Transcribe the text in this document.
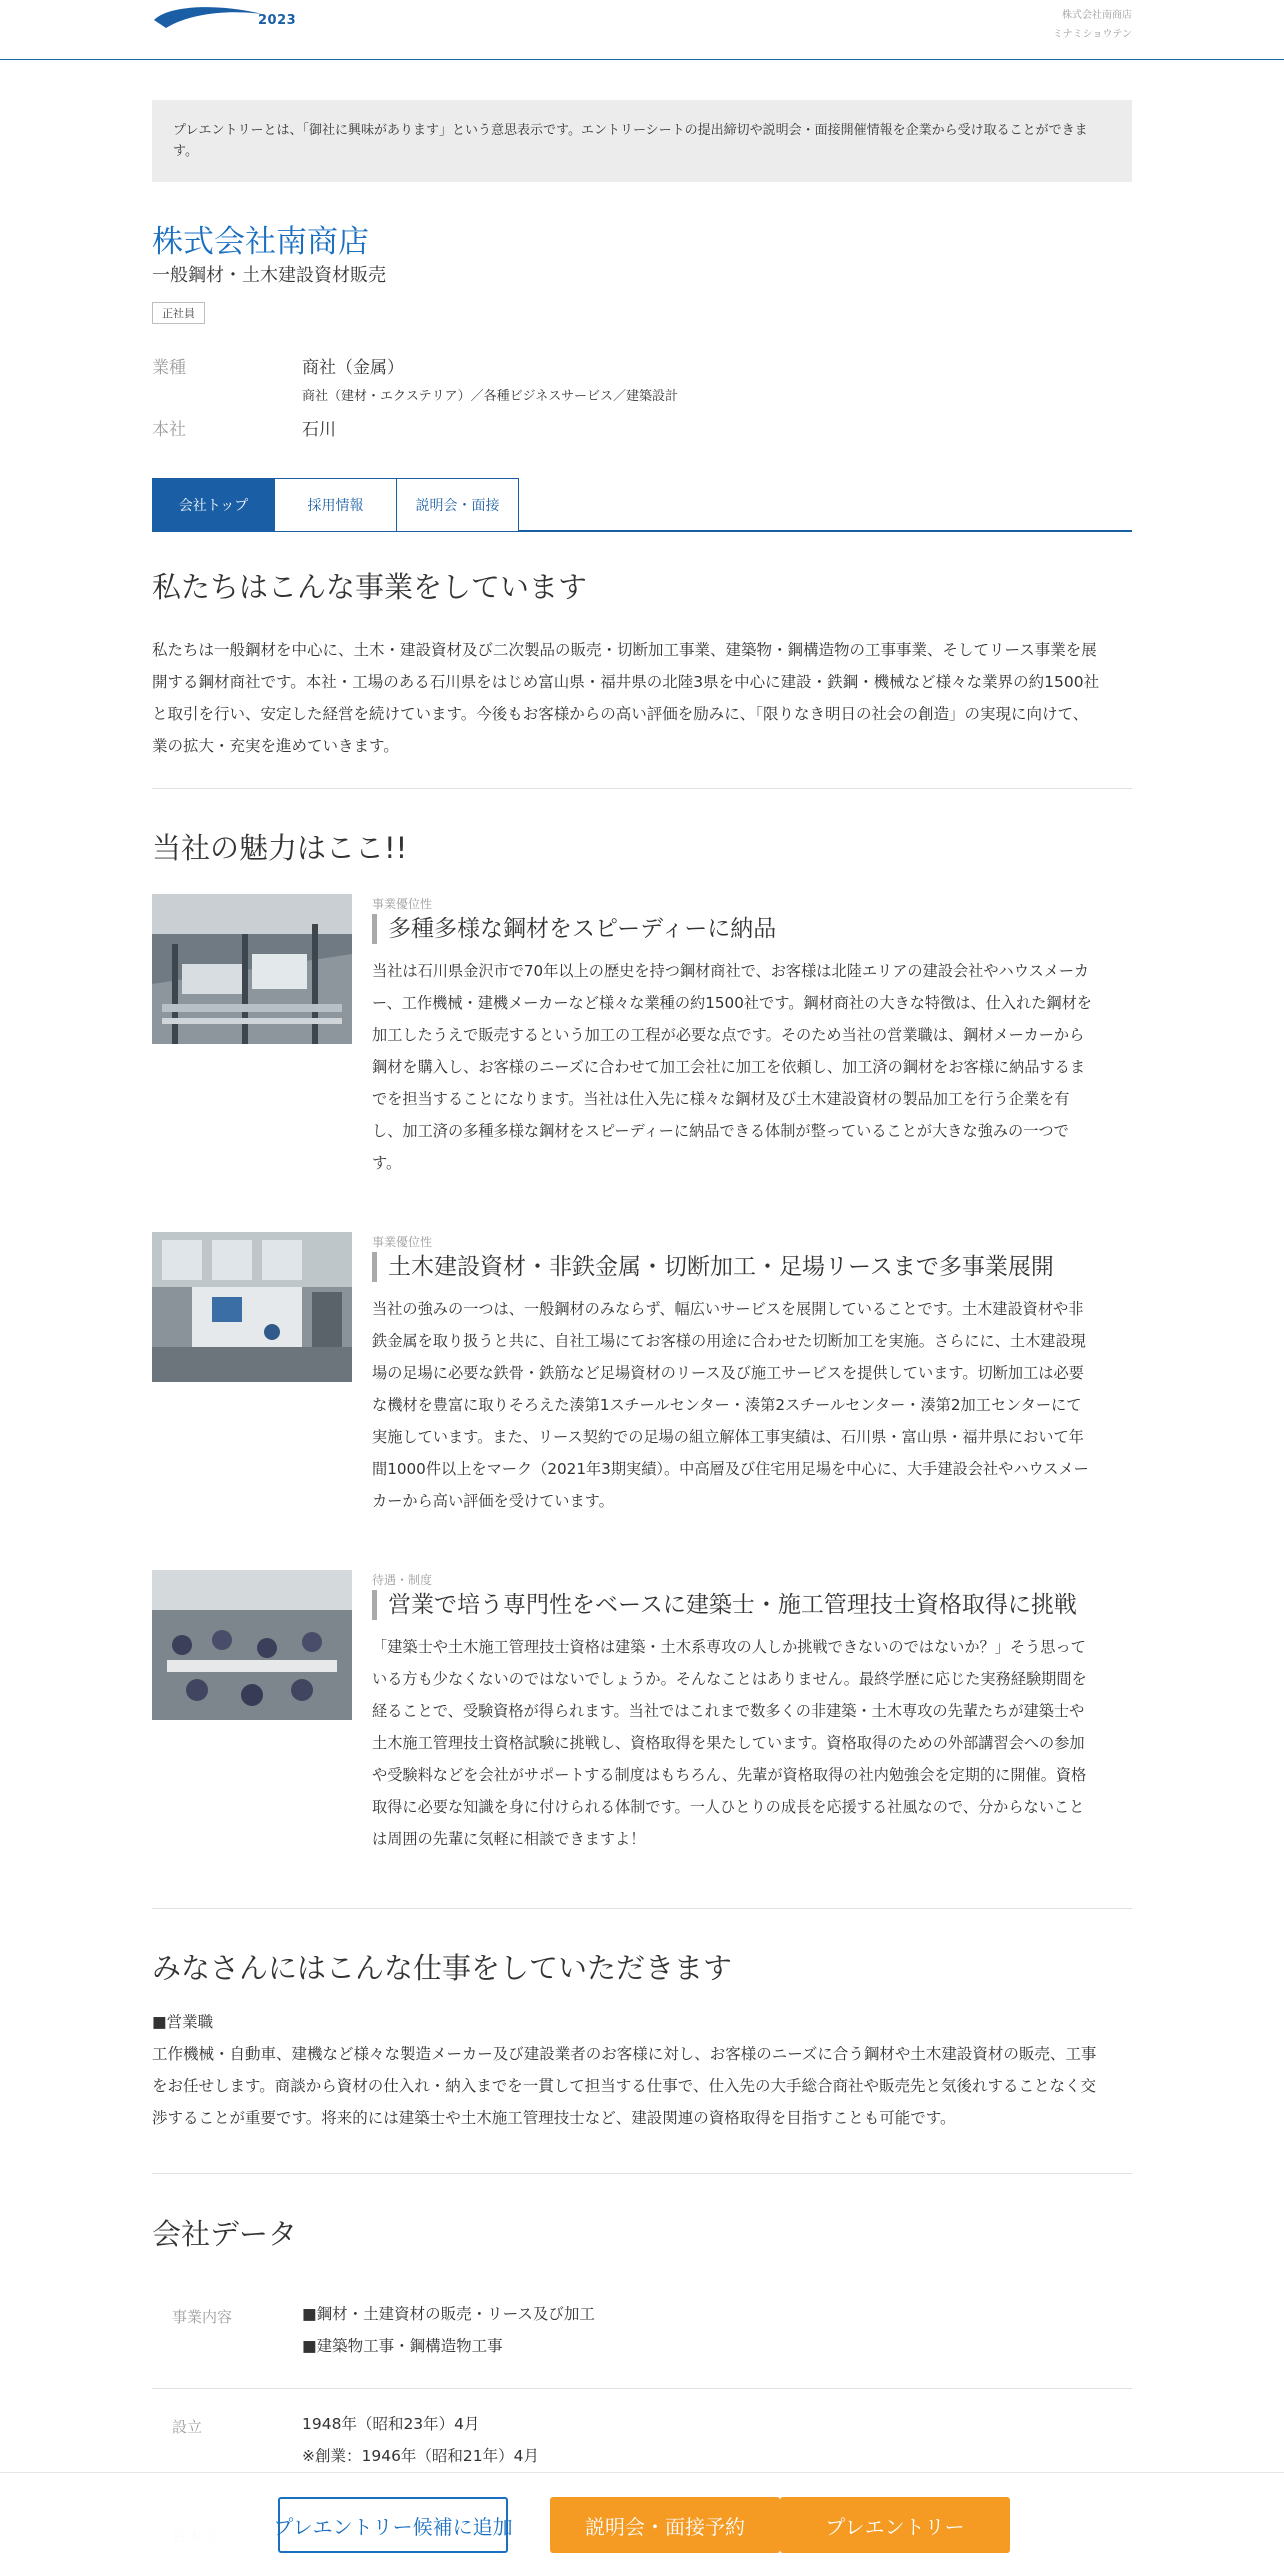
リクナビ 2023	株式会社南商店
ミナミショウテン
プレエントリーとは、「御社に興味があります」という意思表示です。エントリーシートの提出締切や説明会・面接開催情報を企業から受け取ることができます。
株式会社南商店
一般鋼材・土木建設資材販売
正社員
業種	商社（金属）
商社（建材・エクステリア）／各種ビジネスサービス／建築設計
本社	石川
会社トップ	採用情報	説明会・面接
私たちはこんな事業をしています
私たちは一般鋼材を中心に、土木・建設資材及び二次製品の販売・切断加工事業、建築物・鋼構造物の工事事業、そしてリース事業を展
開する鋼材商社です。本社・工場のある石川県をはじめ富山県・福井県の北陸3県を中心に建設・鉄鋼・機械など様々な業界の約1500社
と取引を行い、安定した経営を続けています。今後もお客様からの高い評価を励みに、「限りなき明日の社会の創造」の実現に向けて、
業の拡大・充実を進めていきます。
当社の魅力はここ!!
事業優位性
多種多様な鋼材をスピーディーに納品
当社は石川県金沢市で70年以上の歴史を持つ鋼材商社で、お客様は北陸エリアの建設会社やハウスメーカ
ー、工作機械・建機メーカーなど様々な業種の約1500社です。鋼材商社の大きな特徴は、仕入れた鋼材を
加工したうえで販売するという加工の工程が必要な点です。そのため当社の営業職は、鋼材メーカーから
鋼材を購入し、お客様のニーズに合わせて加工会社に加工を依頼し、加工済の鋼材をお客様に納品するま
でを担当することになります。当社は仕入先に様々な鋼材及び土木建設資材の製品加工を行う企業を有
し、加工済の多種多様な鋼材をスピーディーに納品できる体制が整っていることが大きな強みの一つで
す。
事業優位性
土木建設資材・非鉄金属・切断加工・足場リースまで多事業展開
当社の強みの一つは、一般鋼材のみならず、幅広いサービスを展開していることです。土木建設資材や非
鉄金属を取り扱うと共に、自社工場にてお客様の用途に合わせた切断加工を実施。さらにに、土木建設現
場の足場に必要な鉄骨・鉄筋など足場資材のリース及び施工サービスを提供しています。切断加工は必要
な機材を豊富に取りそろえた湊第1スチールセンター・湊第2スチールセンター・湊第2加工センターにて
実施しています。また、リース契約での足場の組立解体工事実績は、石川県・富山県・福井県において年
間1000件以上をマーク（2021年3期実績）。中高層及び住宅用足場を中心に、大手建設会社やハウスメー
カーから高い評価を受けています。
待遇・制度
営業で培う専門性をベースに建築士・施工管理技士資格取得に挑戦
「建築士や土木施工管理技士資格は建築・土木系専攻の人しか挑戦できないのではないか？」そう思って
いる方も少なくないのではないでしょうか。そんなことはありません。最終学歴に応じた実務経験期間を
経ることで、受験資格が得られます。当社ではこれまで数多くの非建築・土木専攻の先輩たちが建築士や
土木施工管理技士資格試験に挑戦し、資格取得を果たしています。資格取得のための外部講習会への参加
や受験料などを会社がサポートする制度はもちろん、先輩が資格取得の社内勉強会を定期的に開催。資格
取得に必要な知識を身に付けられる体制です。一人ひとりの成長を応援する社風なので、分からないこと
は周囲の先輩に気軽に相談できますよ！
みなさんにはこんな仕事をしていただきます
■営業職
工作機械・自動車、建機など様々な製造メーカー及び建設業者のお客様に対し、お客様のニーズに合う鋼材や土木建設資材の販売、工事
をお任せします。商談から資材の仕入れ・納入までを一貫して担当する仕事で、仕入先の大手総合商社や販売先と気後れすることなく交
渉することが重要です。将来的には建築士や土木施工管理技士など、建設関連の資格取得を目指すことも可能です。
会社データ
事業内容	■鋼材・土建資材の販売・リース及び加工
■建築物工事・鋼構造物工事
設立	1948年（昭和23年）4月
※創業：1946年（昭和21年）4月
プレエントリー候補に追加	説明会・面接予約	プレエントリー
